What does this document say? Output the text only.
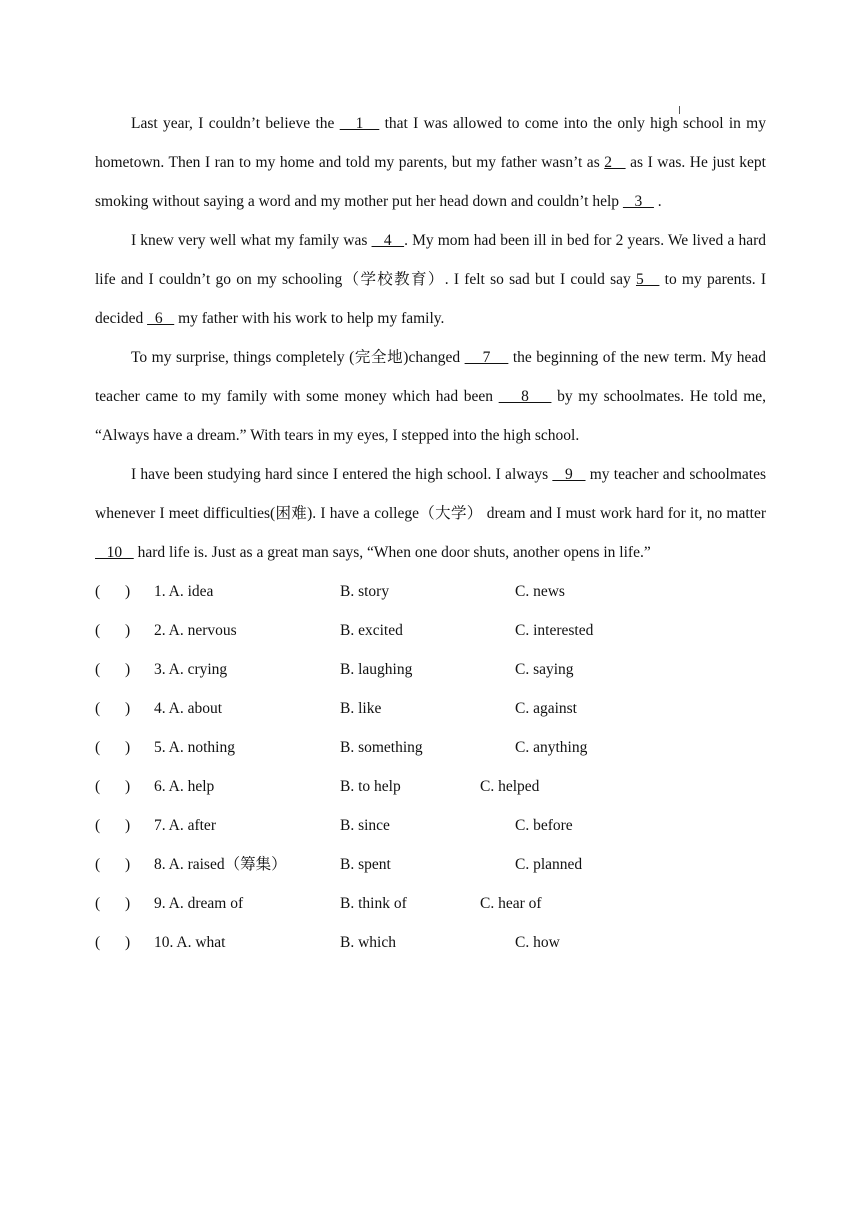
Last year, I couldn’t believe the    1    that I was allowed to come into the only high school in my hometown. Then I ran to my home and told my parents, but my father wasn’t as 2    as I was. He just kept smoking without saying a word and my mother put her head down and couldn’t help    3    .

I knew very well what my family was    4   . My mom had been ill in bed for 2 years. We lived a hard life and I couldn’t go on my schooling（学校教育）. I felt so sad but I could say 5    to my parents. I decided   6    my father with his work to help my family.

To my surprise, things completely (完全地)changed     7     the beginning of the new term. My head teacher came to my family with some money which had been     8     by my schoolmates. He told me, “Always have a dream.” With tears in my eyes, I stepped into the high school.

I have been studying hard since I entered the high school. I always    9    my teacher and schoolmates whenever I meet difficulties(困难). I have a college（大学） dream and I must work hard for it, no matter    10    hard life is. Just as a great man says, “When one door shuts, another opens in life.”

( ) 1. A. idea	B. story	C. news
( ) 2. A. nervous	B. excited	C. interested
( ) 3. A. crying	B. laughing	C. saying
( ) 4. A. about	B. like	C. against
( ) 5. A. nothing	B. something	C. anything
( ) 6. A. help	B. to help	C. helped
( ) 7. A. after	B. since	C. before
( ) 8. A. raised（筹集）	B. spent	C. planned
( ) 9. A. dream of	B. think of	C. hear of
( ) 10. A. what	B. which	C. how
